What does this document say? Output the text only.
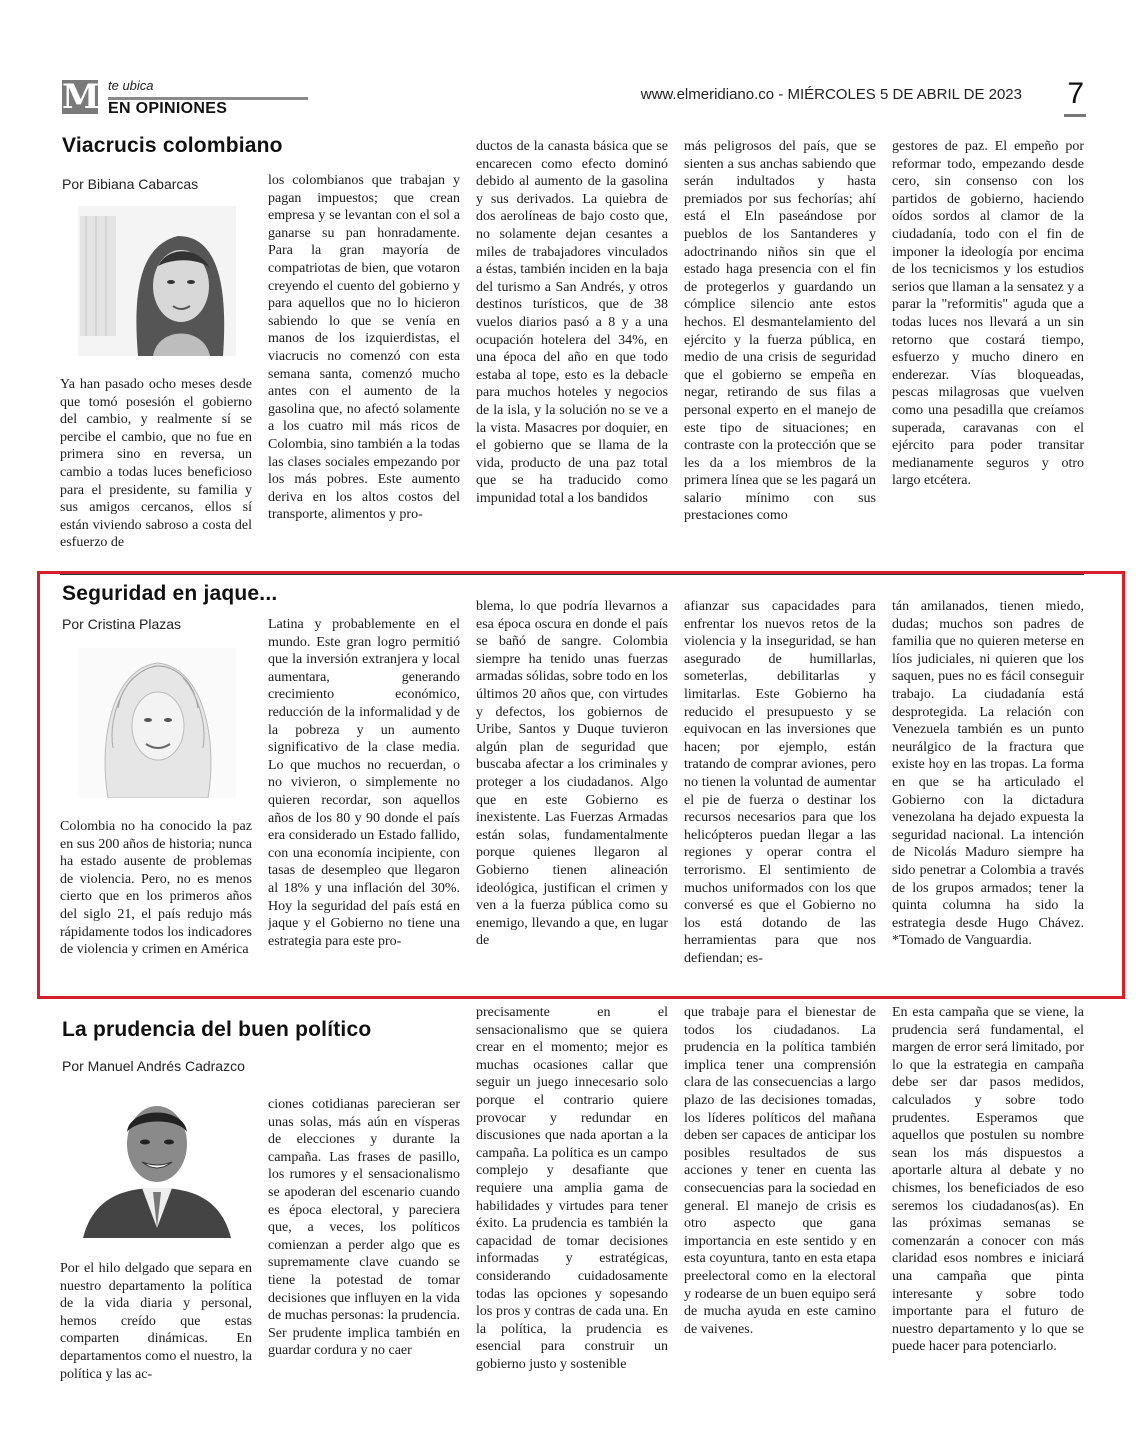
M te ubica
EN OPINIONES
www.elmeridiano.co - MIÉRCOLES 5 DE ABRIL DE 2023 7
Viacrucis colombiano
Por Bibiana Cabarcas

Ya han pasado ocho meses desde que tomó posesión el gobierno del cambio, y realmente sí se percibe el cambio, que no fue en primera sino en reversa, un cambio a todas luces beneficioso para el presidente, su familia y sus amigos cercanos, ellos sí están viviendo sabroso a costa del esfuerzo de

los colombianos que trabajan y pagan impuestos; que crean empresa y se levantan con el sol a ganarse su pan honradamente. Para la gran mayoría de compatriotas de bien, que votaron creyendo el cuento del gobierno y para aquellos que no lo hicieron sabiendo lo que se venía en manos de los izquierdistas, el viacrucis no comenzó con esta semana santa, comenzó mucho antes con el aumento de la gasolina que, no afectó solamente a los cuatro mil más ricos de Colombia, sino también a la todas las clases sociales empezando por los más pobres. Este aumento deriva en los altos costos del transporte, alimentos y pro-

ductos de la canasta básica que se encarecen como efecto dominó debido al aumento de la gasolina y sus derivados. La quiebra de dos aerolíneas de bajo costo que, no solamente dejan cesantes a miles de trabajadores vinculados a éstas, también inciden en la baja del turismo a San Andrés, y otros destinos turísticos, que de 38 vuelos diarios pasó a 8 y a una ocupación hotelera del 34%, en una época del año en que todo estaba al tope, esto es la debacle para muchos hoteles y negocios de la isla, y la solución no se ve a la vista. Masacres por doquier, en el gobierno que se llama de la vida, producto de una paz total que se ha traducido como impunidad total a los bandidos

más peligrosos del país, que se sienten a sus anchas sabiendo que serán indultados y hasta premiados por sus fechorías; ahí está el Eln paseándose por pueblos de los Santanderes y adoctrinando niños sin que el estado haga presencia con el fin de protegerlos y guardando un cómplice silencio ante estos hechos. El desmantelamiento del ejército y la fuerza pública, en medio de una crisis de seguridad que el gobierno se empeña en negar, retirando de sus filas a personal experto en el manejo de este tipo de situaciones; en contraste con la protección que se les da a los miembros de la primera línea que se les pagará un salario mínimo con sus prestaciones como

gestores de paz. El empeño por reformar todo, empezando desde cero, sin consenso con los partidos de gobierno, haciendo oídos sordos al clamor de la ciudadanía, todo con el fin de imponer la ideología por encima de los tecnicismos y los estudios serios que llaman a la sensatez y a parar la "reformitis" aguda que a todas luces nos llevará a un sin retorno que costará tiempo, esfuerzo y mucho dinero en enderezar. Vías bloqueadas, pescas milagrosas que vuelven como una pesadilla que creíamos superada, caravanas con el ejército para poder transitar medianamente seguros y otro largo etcétera.

Seguridad en jaque...
Por Cristina Plazas

Colombia no ha conocido la paz en sus 200 años de historia; nunca ha estado ausente de problemas de violencia. Pero, no es menos cierto que en los primeros años del siglo 21, el país redujo más rápidamente todos los indicadores de violencia y crimen en América

Latina y probablemente en el mundo. Este gran logro permitió que la inversión extranjera y local aumentara, generando crecimiento económico, reducción de la informalidad y de la pobreza y un aumento significativo de la clase media. Lo que muchos no recuerdan, o no vivieron, o simplemente no quieren recordar, son aquellos años de los 80 y 90 donde el país era considerado un Estado fallido, con una economía incipiente, con tasas de desempleo que llegaron al 18% y una inflación del 30%. Hoy la seguridad del país está en jaque y el Gobierno no tiene una estrategia para este pro-

blema, lo que podría llevarnos a esa época oscura en donde el país se bañó de sangre. Colombia siempre ha tenido unas fuerzas armadas sólidas, sobre todo en los últimos 20 años que, con virtudes y defectos, los gobiernos de Uribe, Santos y Duque tuvieron algún plan de seguridad que buscaba afectar a los criminales y proteger a los ciudadanos. Algo que en este Gobierno es inexistente. Las Fuerzas Armadas están solas, fundamentalmente porque quienes llegaron al Gobierno tienen alineación ideológica, justifican el crimen y ven a la fuerza pública como su enemigo, llevando a que, en lugar de

afianzar sus capacidades para enfrentar los nuevos retos de la violencia y la inseguridad, se han asegurado de humillarlas, someterlas, debilitarlas y limitarlas. Este Gobierno ha reducido el presupuesto y se equivocan en las inversiones que hacen; por ejemplo, están tratando de comprar aviones, pero no tienen la voluntad de aumentar el pie de fuerza o destinar los recursos necesarios para que los helicópteros puedan llegar a las regiones y operar contra el terrorismo. El sentimiento de muchos uniformados con los que conversé es que el Gobierno no los está dotando de las herramientas para que nos defiendan; es-

tán amilanados, tienen miedo, dudas; muchos son padres de familia que no quieren meterse en líos judiciales, ni quieren que los saquen, pues no es fácil conseguir trabajo. La ciudadanía está desprotegida. La relación con Venezuela también es un punto neurálgico de la fractura que existe hoy en las tropas. La forma en que se ha articulado el Gobierno con la dictadura venezolana ha dejado expuesta la seguridad nacional. La intención de Nicolás Maduro siempre ha sido penetrar a Colombia a través de los grupos armados; tener la quinta columna ha sido la estrategia desde Hugo Chávez. *Tomado de Vanguardia.

La prudencia del buen político
Por Manuel Andrés Cadrazco

Por el hilo delgado que separa en nuestro departamento la política de la vida diaria y personal, hemos creído que estas comparten dinámicas. En departamentos como el nuestro, la política y las ac-

ciones cotidianas parecieran ser unas solas, más aún en vísperas de elecciones y durante la campaña. Las frases de pasillo, los rumores y el sensacionalismo se apoderan del escenario cuando es época electoral, y pareciera que, a veces, los políticos comienzan a perder algo que es supremamente clave cuando se tiene la potestad de tomar decisiones que influyen en la vida de muchas personas: la prudencia. Ser prudente implica también en guardar cordura y no caer

precisamente en el sensacionalismo que se quiera crear en el momento; mejor es muchas ocasiones callar que seguir un juego innecesario solo porque el contrario quiere provocar y redundar en discusiones que nada aportan a la campaña. La política es un campo complejo y desafiante que requiere una amplia gama de habilidades y virtudes para tener éxito. La prudencia es también la capacidad de tomar decisiones informadas y estratégicas, considerando cuidadosamente todas las opciones y sopesando los pros y contras de cada una. En la política, la prudencia es esencial para construir un gobierno justo y sostenible

que trabaje para el bienestar de todos los ciudadanos. La prudencia en la política también implica tener una comprensión clara de las consecuencias a largo plazo de las decisiones tomadas, los líderes políticos del mañana deben ser capaces de anticipar los posibles resultados de sus acciones y tener en cuenta las consecuencias para la sociedad en general. El manejo de crisis es otro aspecto que gana importancia en este sentido y en esta coyuntura, tanto en esta etapa preelectoral como en la electoral y rodearse de un buen equipo será de mucha ayuda en este camino de vaivenes.

En esta campaña que se viene, la prudencia será fundamental, el margen de error será limitado, por lo que la estrategia en campaña debe ser dar pasos medidos, calculados y sobre todo prudentes. Esperamos que aquellos que postulen su nombre sean los más dispuestos a aportarle altura al debate y no chismes, los beneficiados de eso seremos los ciudadanos(as). En las próximas semanas se comenzarán a conocer con más claridad esos nombres e iniciará una campaña que pinta interesante y sobre todo importante para el futuro de nuestro departamento y lo que se puede hacer para potenciarlo.
